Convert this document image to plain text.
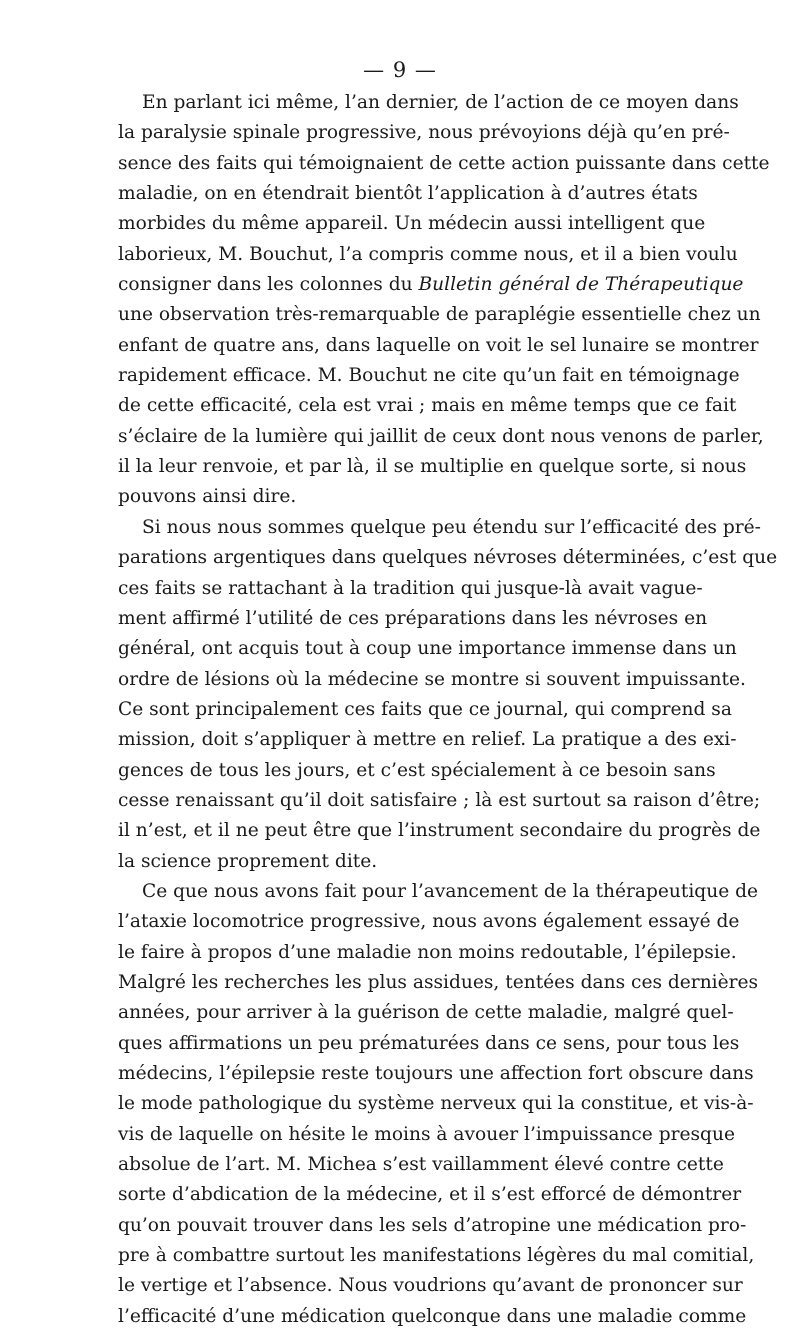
— 9 —
En parlant ici même, l’an dernier, de l’action de ce moyen dans
la paralysie spinale progressive, nous prévoyions déjà qu’en pré-
sence des faits qui témoignaient de cette action puissante dans cette
maladie, on en étendrait bientôt l’application à d’autres états
morbides du même appareil. Un médecin aussi intelligent que
laborieux, M. Bouchut, l’a compris comme nous, et il a bien voulu
consigner dans les colonnes du Bulletin général de Thérapeutique
une observation très-remarquable de paraplégie essentielle chez un
enfant de quatre ans, dans laquelle on voit le sel lunaire se montrer
rapidement efficace. M. Bouchut ne cite qu’un fait en témoignage
de cette efficacité, cela est vrai ; mais en même temps que ce fait
s’éclaire de la lumière qui jaillit de ceux dont nous venons de parler,
il la leur renvoie, et par là, il se multiplie en quelque sorte, si nous
pouvons ainsi dire.
Si nous nous sommes quelque peu étendu sur l’efficacité des pré-
parations argentiques dans quelques névroses déterminées, c’est que
ces faits se rattachant à la tradition qui jusque-là avait vague-
ment affirmé l’utilité de ces préparations dans les névroses en
général, ont acquis tout à coup une importance immense dans un
ordre de lésions où la médecine se montre si souvent impuissante.
Ce sont principalement ces faits que ce journal, qui comprend sa
mission, doit s’appliquer à mettre en relief. La pratique a des exi-
gences de tous les jours, et c’est spécialement à ce besoin sans
cesse renaissant qu’il doit satisfaire ; là est surtout sa raison d’être;
il n’est, et il ne peut être que l’instrument secondaire du progrès de
la science proprement dite.
Ce que nous avons fait pour l’avancement de la thérapeutique de
l’ataxie locomotrice progressive, nous avons également essayé de
le faire à propos d’une maladie non moins redoutable, l’épilepsie.
Malgré les recherches les plus assidues, tentées dans ces dernières
années, pour arriver à la guérison de cette maladie, malgré quel-
ques affirmations un peu prématurées dans ce sens, pour tous les
médecins, l’épilepsie reste toujours une affection fort obscure dans
le mode pathologique du système nerveux qui la constitue, et vis-à-
vis de laquelle on hésite le moins à avouer l’impuissance presque
absolue de l’art. M. Michea s’est vaillamment élevé contre cette
sorte d’abdication de la médecine, et il s’est efforcé de démontrer
qu’on pouvait trouver dans les sels d’atropine une médication pro-
pre à combattre surtout les manifestations légères du mal comitial,
le vertige et l’absence. Nous voudrions qu’avant de prononcer sur
l’efficacité d’une médication quelconque dans une maladie comme
